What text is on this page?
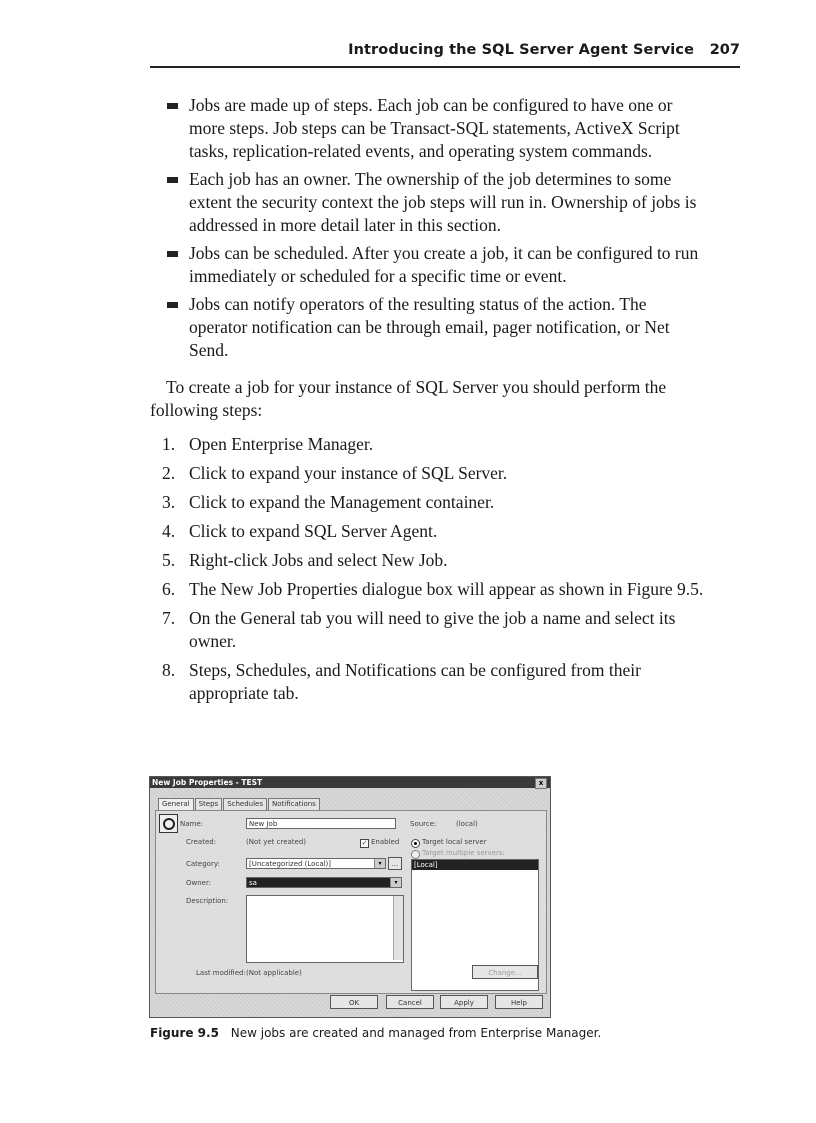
Introducing the SQL Server Agent Service 207
Jobs are made up of steps. Each job can be configured to have one or more steps. Job steps can be Transact-SQL statements, ActiveX Script tasks, replication-related events, and operating system commands.
Each job has an owner. The ownership of the job determines to some extent the security context the job steps will run in. Ownership of jobs is addressed in more detail later in this section.
Jobs can be scheduled. After you create a job, it can be configured to run immediately or scheduled for a specific time or event.
Jobs can notify operators of the resulting status of the action. The operator notification can be through email, pager notification, or Net Send.

To create a job for your instance of SQL Server you should perform the following steps:

1. Open Enterprise Manager.
2. Click to expand your instance of SQL Server.
3. Click to expand the Management container.
4. Click to expand SQL Server Agent.
5. Right-click Jobs and select New Job.
6. The New Job Properties dialogue box will appear as shown in Figure 9.5.
7. On the General tab you will need to give the job a name and select its owner.
8. Steps, Schedules, and Notifications can be configured from their appropriate tab.
New Job Properties - TEST	x
General	Steps	Schedules	Notifications
Name:	New Job	Source:	(local)
Created:	(Not yet created)	✓ Enabled	Target local server
Target multiple servers:
Category:	[Uncategorized (Local)]	▾	...	[Local]
Owner:	sa	▾
Description:
Last modified: (Not applicable)	Change...
OK	Cancel	Apply	Help
Figure 9.5 New jobs are created and managed from Enterprise Manager.
